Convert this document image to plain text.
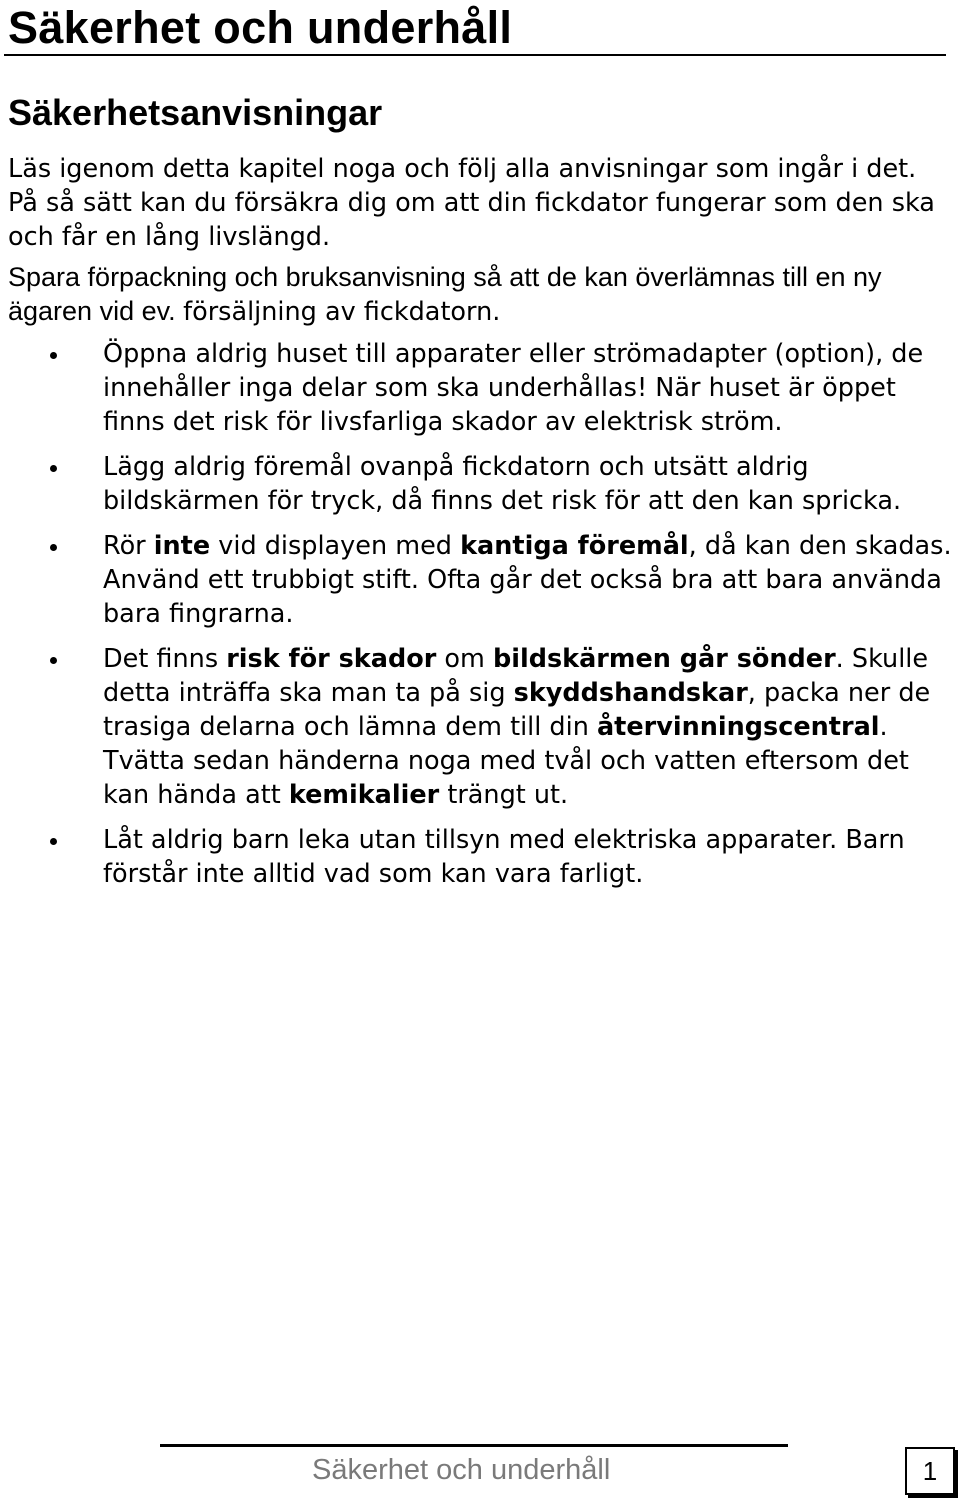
Säkerhet och underhåll
Säkerhetsanvisningar

Läs igenom detta kapitel noga och följ alla anvisningar som ingår i det. På så sätt kan du försäkra dig om att din fickdator fungerar som den ska och får en lång livslängd.

Spara förpackning och bruksanvisning så att de kan överlämnas till en ny ägaren vid ev. försäljning av fickdatorn.

Öppna aldrig huset till apparater eller strömadapter (option), de innehåller inga delar som ska underhållas! När huset är öppet finns det risk för livsfarliga skador av elektrisk ström.
Lägg aldrig föremål ovanpå fickdatorn och utsätt aldrig bildskärmen för tryck, då finns det risk för att den kan spricka.
Rör inte vid displayen med kantiga föremål, då kan den skadas. Använd ett trubbigt stift. Ofta går det också bra att bara använda bara fingrarna.
Det finns risk för skador om bildskärmen går sönder. Skulle detta inträffa ska man ta på sig skyddshandskar, packa ner de trasiga delarna och lämna dem till din återvinningscentral. Tvätta sedan händerna noga med tvål och vatten eftersom det kan hända att kemikalier trängt ut.
Låt aldrig barn leka utan tillsyn med elektriska apparater. Barn förstår inte alltid vad som kan vara farligt.
Säkerhet och underhåll	1
